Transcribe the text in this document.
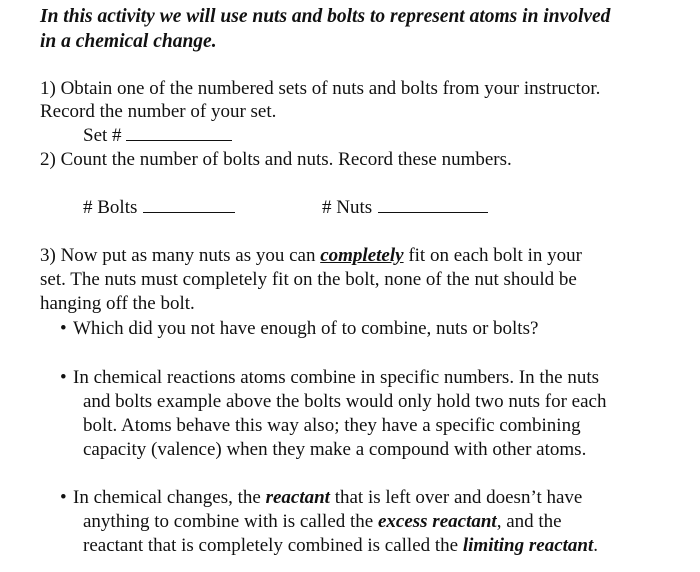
In this activity we will use nuts and bolts to represent atoms in involved
in a chemical change.
1) Obtain one of the numbered sets of nuts and bolts from your instructor.
Record the number of your set.
Set #
2) Count the number of bolts and nuts. Record these numbers.
# Bolts	# Nuts
3) Now put as many nuts as you can completely fit on each bolt in your
set. The nuts must completely fit on the bolt, none of the nut should be
hanging off the bolt.
• Which did you not have enough of to combine, nuts or bolts?
• In chemical reactions atoms combine in specific numbers. In the nuts
and bolts example above the bolts would only hold two nuts for each
bolt. Atoms behave this way also; they have a specific combining
capacity (valence) when they make a compound with other atoms.
• In chemical changes, the reactant that is left over and doesn’t have
anything to combine with is called the excess reactant, and the
reactant that is completely combined is called the limiting reactant.
